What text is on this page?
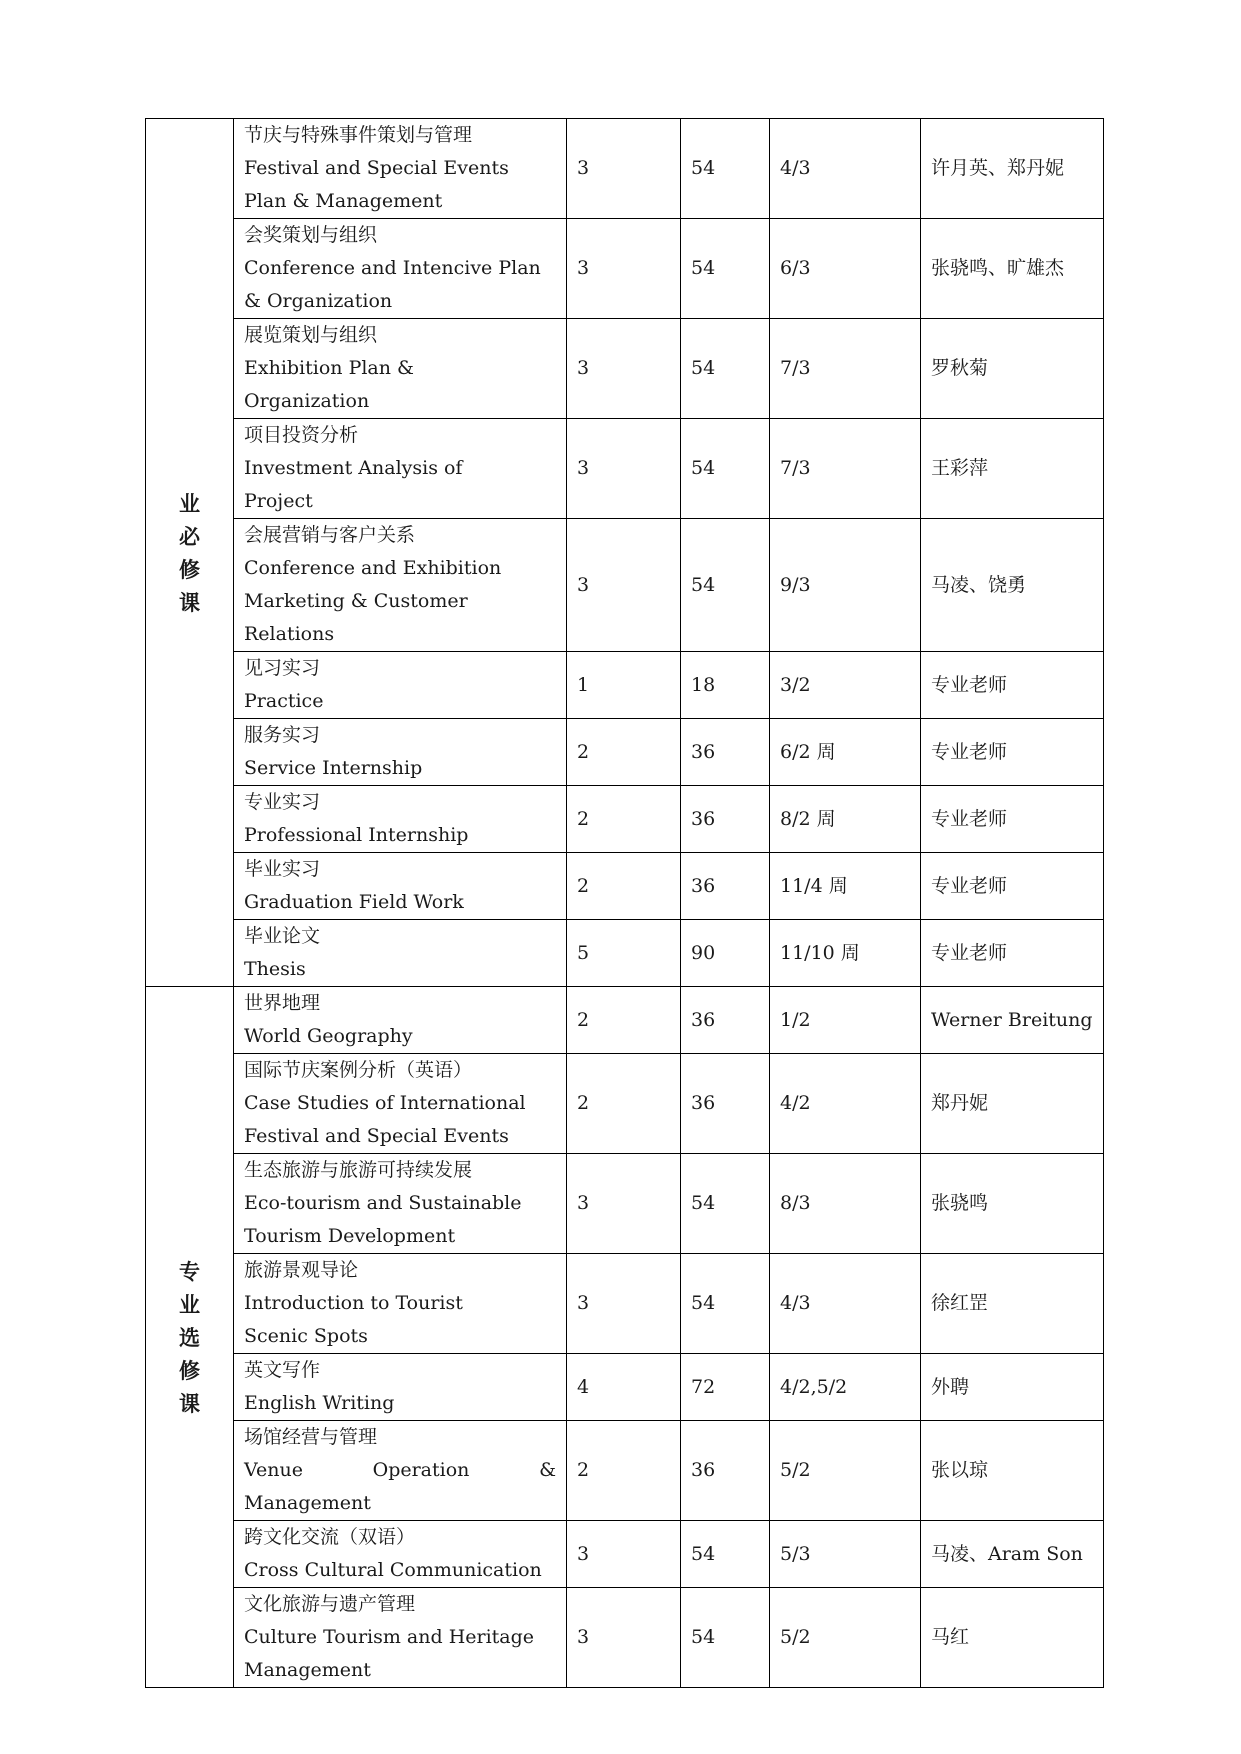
业
必
修
课	节庆与特殊事件策划与管理
Festival and Special Events
Plan & Management	3	54	4/3	许月英、郑丹妮

	会奖策划与组织
Conference and Intencive Plan
& Organization	3	54	6/3	张骁鸣、旷雄杰

	展览策划与组织
Exhibition Plan &
Organization	3	54	7/3	罗秋菊

	项目投资分析
Investment Analysis of
Project	3	54	7/3	王彩萍

	会展营销与客户关系
Conference and Exhibition
Marketing & Customer
Relations	3	54	9/3	马凌、饶勇

	见习实习
Practice	1	18	3/2	专业老师

	服务实习
Service Internship	2	36	6/2 周	专业老师

	专业实习
Professional Internship	2	36	8/2 周	专业老师

	毕业实习
Graduation Field Work	2	36	11/4 周	专业老师

	毕业论文
Thesis	5	90	11/10 周	专业老师

专
业
选
修
课	世界地理
World Geography	2	36	1/2	Werner Breitung

	国际节庆案例分析（英语）
Case Studies of International
Festival and Special Events	2	36	4/2	郑丹妮

	生态旅游与旅游可持续发展
Eco-tourism and Sustainable
Tourism Development	3	54	8/3	张骁鸣

	旅游景观导论
Introduction to Tourist
Scenic Spots	3	54	4/3	徐红罡

	英文写作
English Writing	4	72	4/2,5/2	外聘

	场馆经营与管理
Venue Operation & Management	2	36	5/2	张以琼

	跨文化交流（双语）
Cross Cultural Communication	3	54	5/3	马凌、Aram Son

	文化旅游与遗产管理
Culture Tourism and Heritage
Management	3	54	5/2	马红
